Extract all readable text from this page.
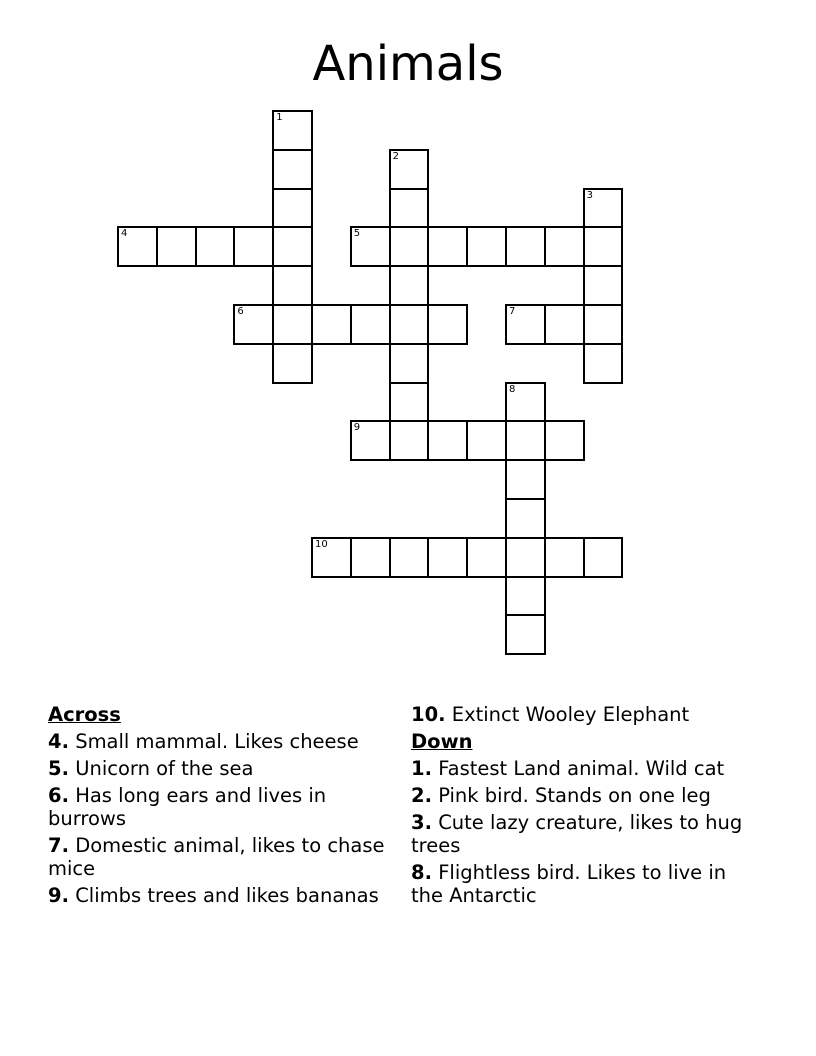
Animals
1
2
3
4	5
6	7
8
9
10
Across
4. Small mammal. Likes cheese
5. Unicorn of the sea
6. Has long ears and lives in burrows
7. Domestic animal, likes to chase mice
9. Climbs trees and likes bananas
10. Extinct Wooley Elephant
Down
1. Fastest Land animal. Wild cat
2. Pink bird. Stands on one leg
3. Cute lazy creature, likes to hug trees
8. Flightless bird. Likes to live in the Antarctic
